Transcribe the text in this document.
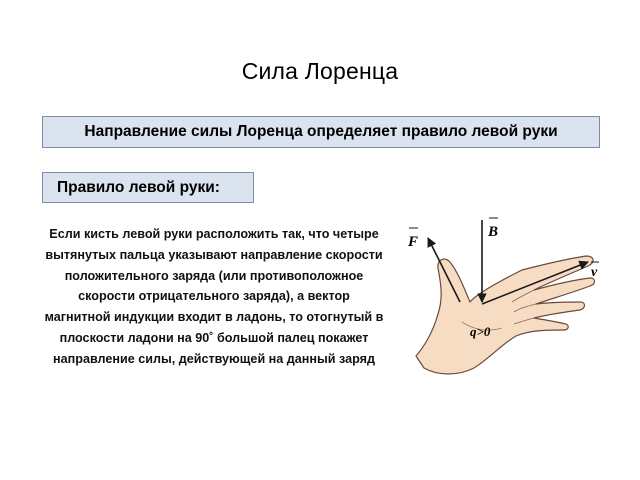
Сила Лоренца
Направление силы Лоренца определяет правило левой руки
Правило левой руки:
Если кисть левой руки расположить так, что четыре вытянутых пальца указывают направление скорости положительного заряда (или противоположное скорости отрицательного заряда), а вектор магнитной индукции входит в ладонь, то отогнутый в плоскости ладони на 90˚ большой палец покажет направление силы, действующей на данный заряд
F
B
v
q>0
